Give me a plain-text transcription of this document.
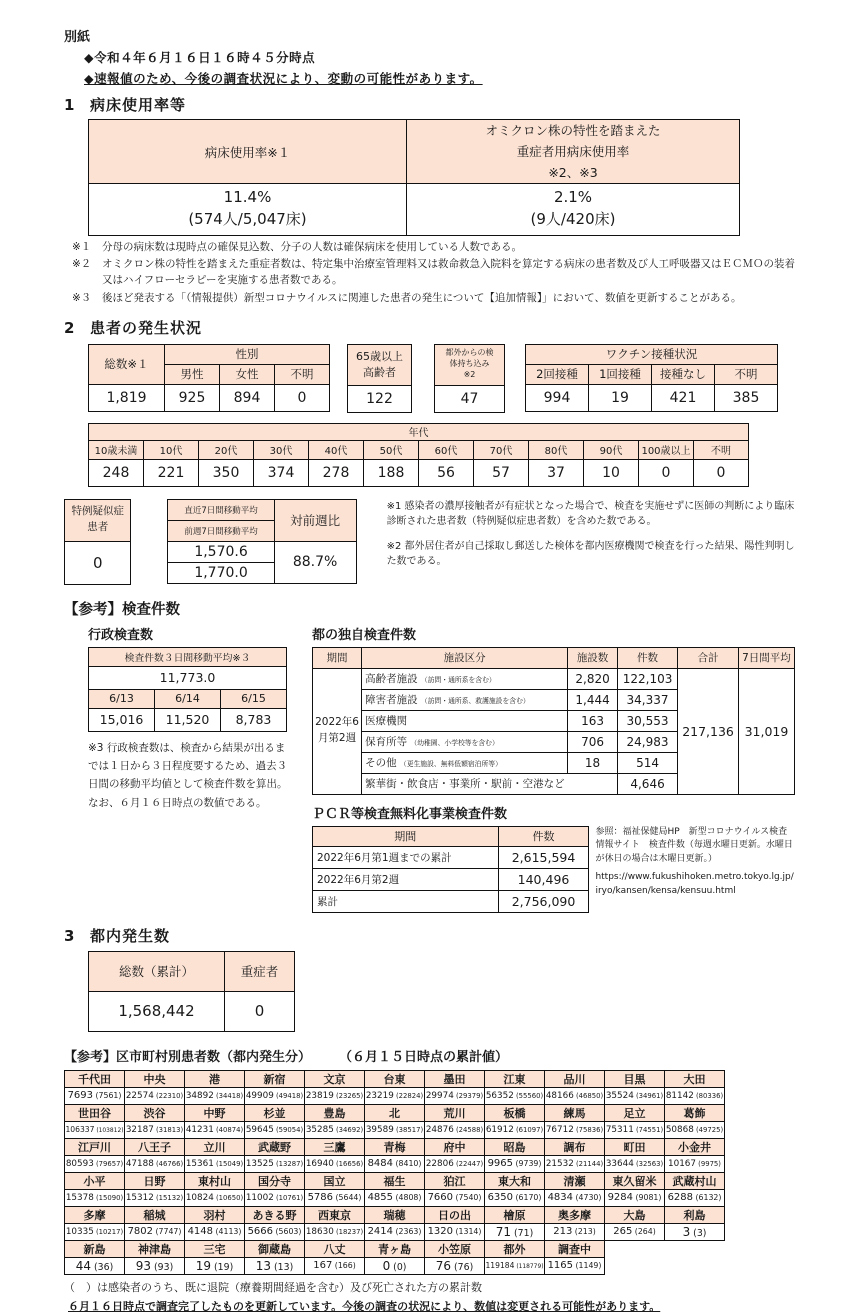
別紙
◆令和４年６月１６日１６時４５分時点
◆速報値のため、今後の調査状況により、変動の可能性があります。
1 病床使用率等
病床使用率※１	オミクロン株の特性を踏まえた
重症者用病床使用率
※2、※3

11.4%
(574人/5,047床)

2.1%
(9人/420床)
※１	分母の病床数は現時点の確保見込数、分子の人数は確保病床を使用している人数である。
※２	オミクロン株の特性を踏まえた重症者数は、特定集中治療室管理料又は救命救急入院料を算定する病床の患者数及び人工呼吸器又はＥＣＭＯの装着又はハイフローセラピーを実施する患者数である。
※３	後ほど発表する「（情報提供）新型コロナウイルスに関連した患者の発生について【追加情報】」において、数値を更新することがある。
2 患者の発生状況
総数※１	性別		
	男性	女性	不明
1,819	925	894	0
65歳以上
高齢者

122
都外からの検
体持ち込み
※2

47
ワクチン接種状況			
2回接種	1回接種	接種なし	不明
994	19	421	385
年代											
10歳未満	10代	20代	30代	40代	50代	60代	70代	80代	90代	100歳以上	不明
248	221	350	374	278	188	56	57	37	10	0	0
特例疑似症
患者

0
直近7日間移動平均	対前週比
前週7日間移動平均	
1,570.6	88.7%
1,770.0	

※1 感染者の濃厚接触者が有症状となった場合で、検査を実施せずに医師の判断により臨床診断された患者数（特例疑似症患者数）を含めた数である。

※2 都外居住者が自己採取し郵送した検体を都内医療機関で検査を行った結果、陽性判明した数である。

【参考】検査件数
行政検査数
検査件数３日間移動平均※３		
11,773.0		
6/13	6/14	6/15
15,016	11,520	8,783
※3 行政検査数は、検査から結果が出るまでは１日から３日程度要するため、過去３日間の移動平均値として検査件数を算出。なお、６月１６日時点の数値である。
都の独自検査件数
期間	施設区分	施設数	件数	合計	7日間平均
2022年6月第2週	高齢者施設 （訪問・通所系を含む）	2,820	122,103	217,136	31,019
	障害者施設 （訪問・通所系、救護施設を含む）	1,444	34,337		
	医療機関	163	30,553		
	保育所等 （幼稚園、小学校等を含む）	706	24,983		
	その他 （更生施設、無料低額宿泊所等）	18	514		
	繁華街・飲食店・事業所・駅前・空港など		4,646		
ＰＣＲ等検査無料化事業検査件数
期間	件数
2022年6月第1週までの累計	2,615,594
2022年6月第2週	140,496
累計	2,756,090
参照：福祉保健局HP　新型コロナウイルス検査情報サイト　検査件数（毎週水曜日更新。水曜日が休日の場合は木曜日更新。）
https://www.fukushihoken.metro.tokyo.lg.jp/iryo/kansen/kensa/kensuu.html
3 都内発生数
総数（累計）	重症者
1,568,442	0
【参考】区市町村別患者数（都内発生分） （６月１５日時点の累計値）
千代田	中央	港	新宿	文京	台東	墨田	江東	品川	目黒	大田
7693 (7561)	22574 (22310)	34892 (34418)	49909 (49418)	23819 (23265)	23219 (22824)	29974 (29379)	56352 (55560)	48166 (46850)	35524 (34961)	81142 (80336)
世田谷	渋谷	中野	杉並	豊島	北	荒川	板橋	練馬	足立	葛飾
106337 (103812)	32187 (31813)	41231 (40874)	59645 (59054)	35285 (34692)	39589 (38517)	24876 (24588)	61912 (61097)	76712 (75836)	75311 (74551)	50868 (49725)
江戸川	八王子	立川	武蔵野	三鷹	青梅	府中	昭島	調布	町田	小金井
80593 (79657)	47188 (46766)	15361 (15049)	13525 (13287)	16940 (16656)	8484 (8410)	22806 (22447)	9965 (9739)	21532 (21144)	33644 (32563)	10167 (9975)
小平	日野	東村山	国分寺	国立	福生	狛江	東大和	清瀬	東久留米	武蔵村山
15378 (15090)	15312 (15132)	10824 (10650)	11002 (10761)	5786 (5644)	4855 (4808)	7660 (7540)	6350 (6170)	4834 (4730)	9284 (9081)	6288 (6132)
多摩	稲城	羽村	あきる野	西東京	瑞穂	日の出	檜原	奥多摩	大島	利島
10335 (10217)	7802 (7747)	4148 (4113)	5666 (5603)	18630 (18237)	2414 (2363)	1320 (1314)	71 (71)	213 (213)	265 (264)	3 (3)
新島	神津島	三宅	御蔵島	八丈	青ヶ島	小笠原	都外	調査中		
44 (36)	93 (93)	19 (19)	13 (13)	167 (166)	0 (0)	76 (76)	119184 (118779)	1165 (1149)		
（　）は感染者のうち、既に退院（療養期間経過を含む）及び死亡された方の累計数
６月１６日時点で調査完了したものを更新しています。今後の調査の状況により、数値は変更される可能性があります。
